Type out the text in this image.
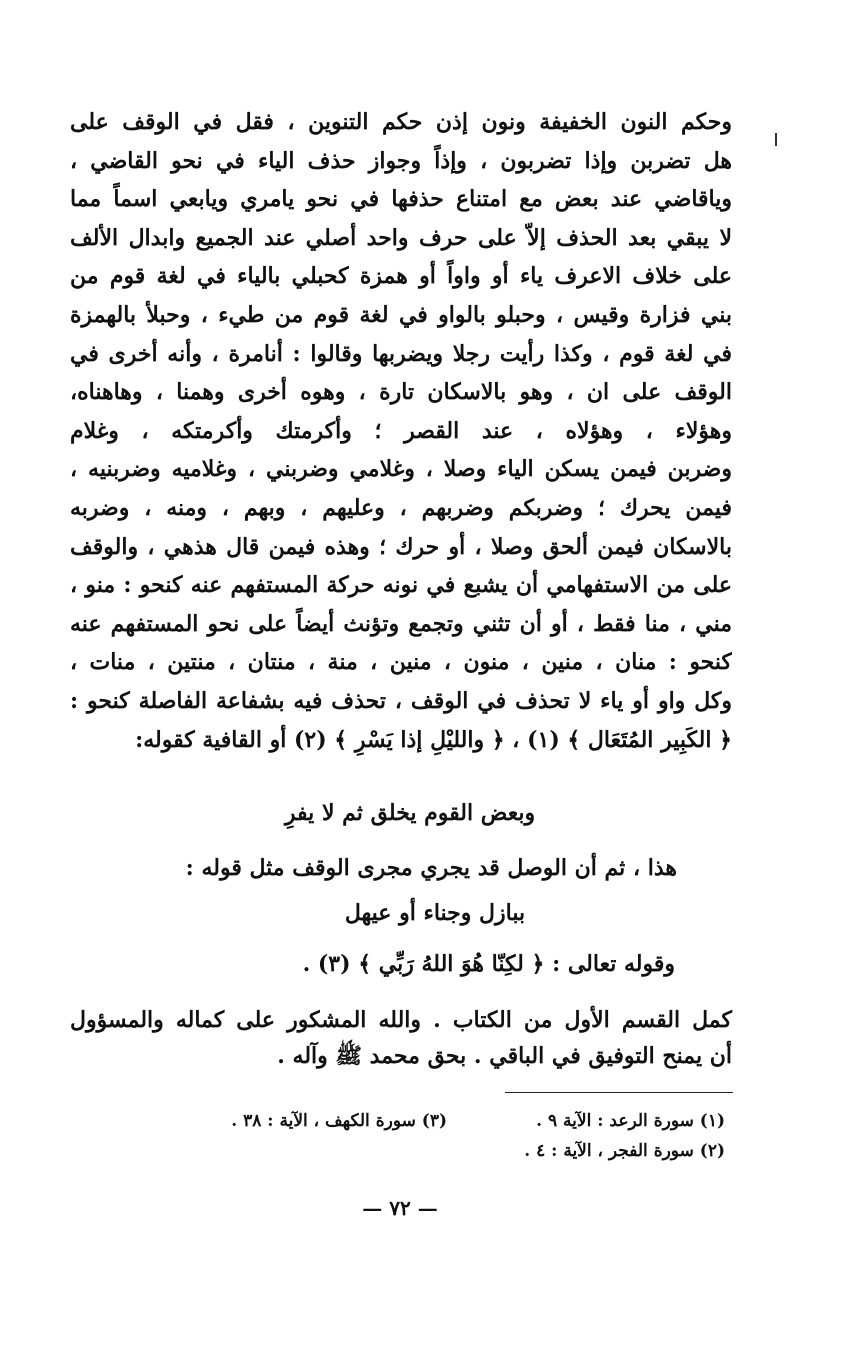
وحكم النون الخفيفة ونون إذن حكم التنوين ، فقل في الوقف على
هل تضربن وإذا تضربون ، وإذاً وجواز حذف الياء في نحو القاضي ،
وياقاضي عند بعض مع امتناع حذفها في نحو يامري ويابعي اسماً مما
لا يبقي بعد الحذف إلاّ على حرف واحد أصلي عند الجميع وابدال الألف
على خلاف الاعرف ياء أو واواً أو همزة كحبلي بالياء في لغة قوم من
بني فزارة وقيس ، وحبلو بالواو في لغة قوم من طيء ، وحبلأ بالهمزة
في لغة قوم ، وكذا رأيت رجلا ويضربها وقالوا : أنامرة ، وأنه أخرى في
الوقف على ان ، وهو بالاسكان تارة ، وهوه أخرى وهمنا ، وهاهناه،
وهؤلاء ، وهؤلاه ، عند القصر ؛ وأكرمتك وأكرمتكه ، وغلام
وضربن فيمن يسكن الياء وصلا ، وغلامي وضربني ، وغلاميه وضربنيه ،
فيمن يحرك ؛ وضربكم وضربهم ، وعليهم ، وبهم ، ومنه ، وضربه
بالاسكان فيمن ألحق وصلا ، أو حرك ؛ وهذه فيمن قال هذهي ، والوقف
على من الاستفهامي أن يشبع في نونه حركة المستفهم عنه كنحو : منو ،
مني ، منا فقط ، أو أن تثني وتجمع وتؤنث أيضاً على نحو المستفهم عنه
كنحو : منان ، منين ، منون ، منين ، منة ، منتان ، منتين ، منات ،
وكل واو أو ياء لا تحذف في الوقف ، تحذف فيه بشفاعة الفاصلة كنحو :
﴿ الكَبِير المُتَعَال ﴾ (١) ، ﴿ والليْلِ إذا يَسْرِ ﴾ (٢) أو القافية كقوله:
وبعض القوم يخلق ثم لا يفرِ
هذا ، ثم أن الوصل قد يجري مجرى الوقف مثل قوله :
ببازل وجناء أو عيهل
وقوله تعالى : ﴿ لكِنّا هُوَ اللهُ رَبِّي ﴾ (٣) .
كمل القسم الأول من الكتاب . والله المشكور على كماله والمسؤول
أن يمنح التوفيق في الباقي . بحق محمد ﷺ وآله .
(١) سورة الرعد : الآية ٩ .
(٣) سورة الكهف ، الآية : ٣٨ .
(٢) سورة الفجر ، الآية : ٤ .
— ٧٢ —
